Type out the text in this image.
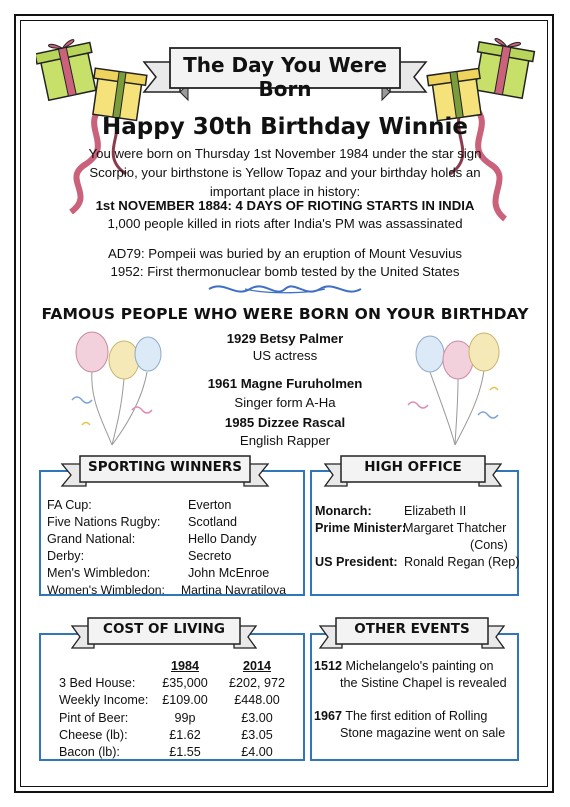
The Day You Were Born
Happy 30th Birthday Winnie
You were born on Thursday 1st November 1984 under the star sign
Scorpio, your birthstone is Yellow Topaz and your birthday holds an
important place in history:
1st NOVEMBER 1884: 4 DAYS OF RIOTING STARTS IN INDIA
1,000 people killed in riots after India's PM was assassinated
AD79: Pompeii was buried by an eruption of Mount Vesuvius
1952: First thermonuclear bomb tested by the United States
FAMOUS PEOPLE WHO WERE BORN ON YOUR BIRTHDAY
1929 Betsy Palmer
US actress
1961 Magne Furuholmen
Singer form A-Ha
1985 Dizzee Rascal
English Rapper
SPORTING WINNERS
FA Cup:	Everton
Five Nations Rugby: Scotland
Grand National:	Hello Dandy
Derby:	Secreto
Men's Wimbledon:	John McEnroe
Women's Wimbledon: Martina Navratilova
HIGH OFFICE
Monarch:	Elizabeth II
Prime Minister:
Margaret Thatcher
(Cons)
US President: Ronald Regan (Rep)
COST OF LIVING
1984	2014
3 Bed House:	£35,000	£202, 972
Weekly Income:	£109.00	£448.00
Pint of Beer:	99p	£3.00
Cheese (lb):	£1.62	£3.05
Bacon (lb):	£1.55	£4.00
OTHER EVENTS
1512 Michelangelo's painting on
the Sistine Chapel is revealed
1967 The first edition of Rolling
Stone magazine went on sale
